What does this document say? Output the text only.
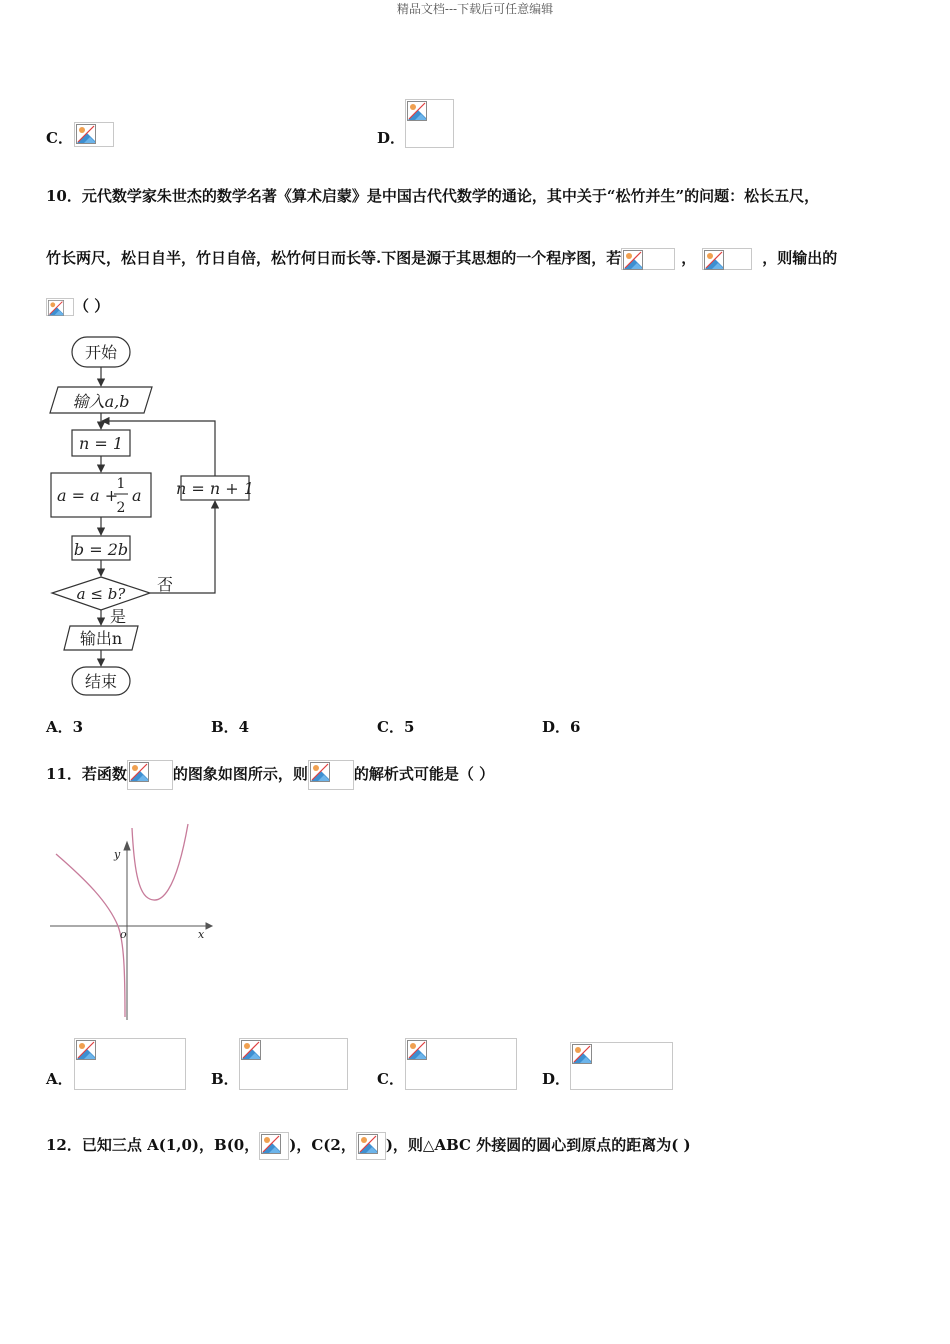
精品文档---下载后可任意编辑
C．	D．
10．元代数学家朱世杰的数学名著《算术启蒙》是中国古代代数学的通论，其中关于“松竹并生”的问题：松长五尺，
竹长两尺，松日自半，竹日自倍，松竹何日而长等.下图是源于其思想的一个程序图，若	，	，则输出的
（ ）
开始
输入a,b
n = 1
a = a +
1
2
a
b = 2b
a ≤ b? 否
是
输出n
结束
n = n + 1
A．3	B．4	C．5	D．6
11．若函数	的图象如图所示，则	的解析式可能是（ ）
y
x
o
A．	B．	C．	D．
12．已知三点 A(1,0)，B(0， )，C(2， )，则△ABC 外接圆的圆心到原点的距离为( )
